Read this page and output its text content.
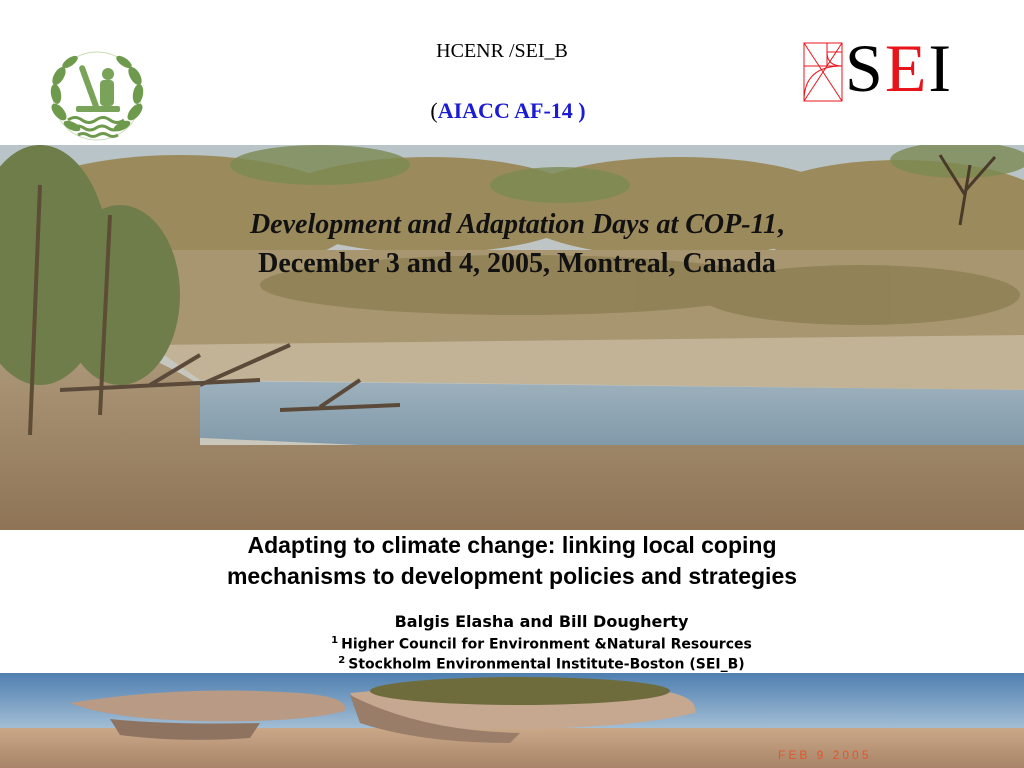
HCENR /SEI_B
(AIACC AF-14 )
SEI
Development and Adaptation Days at COP-11,
December 3 and 4, 2005, Montreal, Canada
Adapting to climate change: linking local coping
mechanisms to development policies and strategies
Balgis Elasha and Bill Dougherty
$^1$ Higher Council for Environment &Natural Resources
$^2$ Stockholm Environmental Institute-Boston (SEI_B)
FEB 9 2005
